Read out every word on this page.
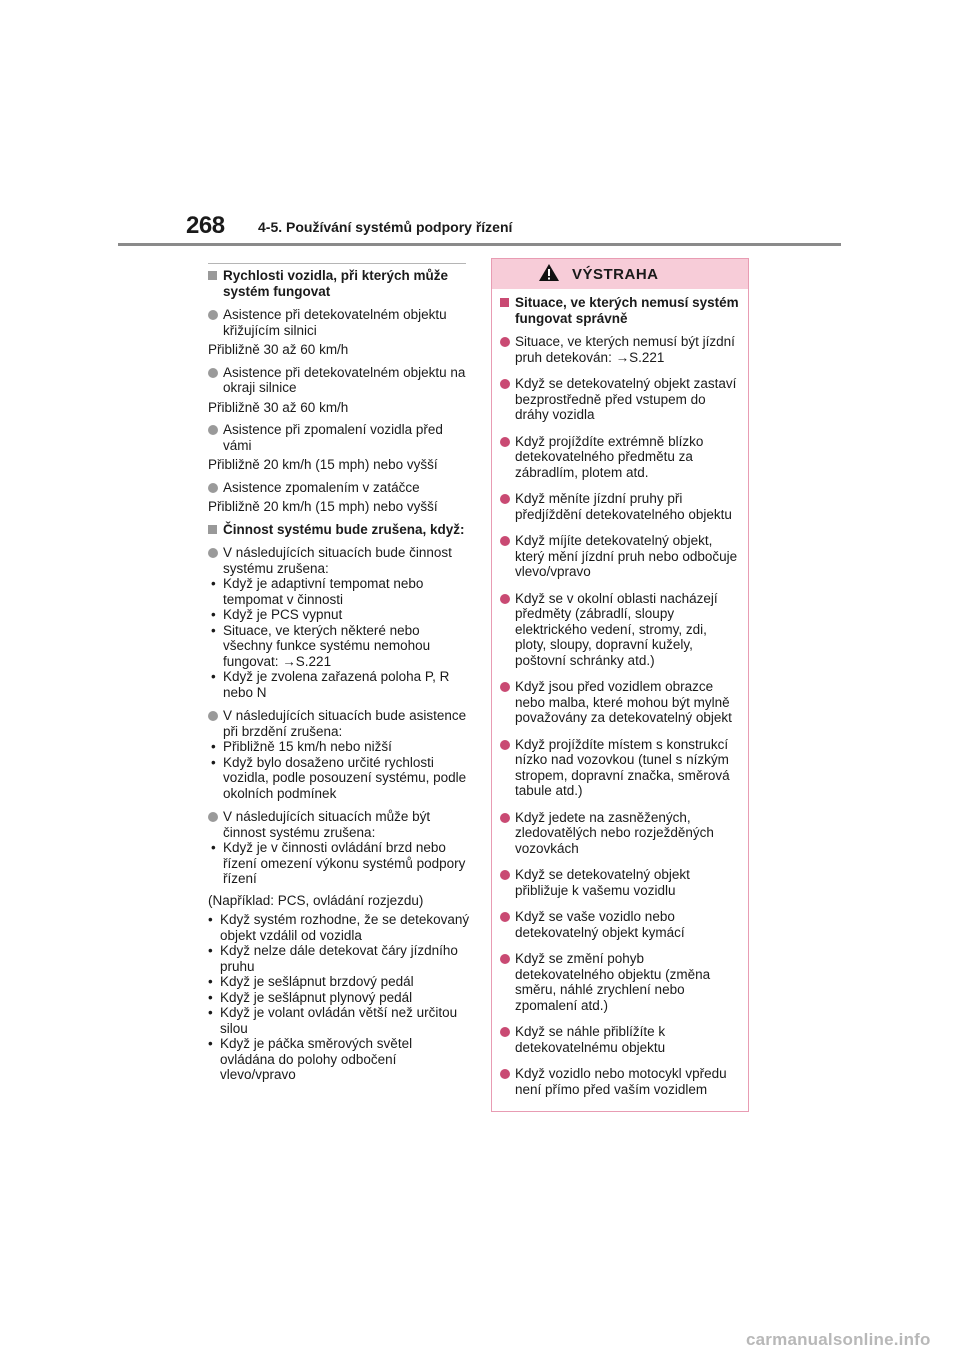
268 4-5. Používání systémů podpory řízení
Rychlosti vozidla, při kterých může systém fungovat
Asistence při detekovatelném objektu křižujícím silnici
Přibližně 30 až 60 km/h
Asistence při detekovatelném objektu na okraji silnice
Přibližně 30 až 60 km/h
Asistence při zpomalení vozidla před vámi
Přibližně 20 km/h (15 mph) nebo vyšší
Asistence zpomalením v zatáčce
Přibližně 20 km/h (15 mph) nebo vyšší
Činnost systému bude zrušena, když:
V následujících situacích bude činnost systému zrušena:
• Když je adaptivní tempomat nebo tempomat v činnosti
• Když je PCS vypnut
• Situace, ve kterých některé nebo všechny funkce systému nemohou fungovat: →S.221
• Když je zvolena zařazená poloha P, R nebo N
V následujících situacích bude asistence při brzdění zrušena:
• Přibližně 15 km/h nebo nižší
• Když bylo dosaženo určité rychlosti vozidla, podle posouzení systému, podle okolních podmínek
V následujících situacích může být činnost systému zrušena:
• Když je v činnosti ovládání brzd nebo řízení omezení výkonu systémů podpory řízení
(Například: PCS, ovládání rozjezdu)
• Když systém rozhodne, že se detekovaný objekt vzdálil od vozidla
• Když nelze dále detekovat čáry jízdního pruhu
• Když je sešlápnut brzdový pedál
• Když je sešlápnut plynový pedál
• Když je volant ovládán větší než určitou silou
• Když je páčka směrových světel ovládána do polohy odbočení vlevo/vpravo
VÝSTRAHA
Situace, ve kterých nemusí systém fungovat správně
Situace, ve kterých nemusí být jízdní pruh detekován: →S.221
Když se detekovatelný objekt zastaví bezprostředně před vstupem do dráhy vozidla
Když projíždíte extrémně blízko detekovatelného předmětu za zábradlím, plotem atd.
Když měníte jízdní pruhy při předjíždění detekovatelného objektu
Když míjíte detekovatelný objekt, který mění jízdní pruh nebo odbočuje vlevo/vpravo
Když se v okolní oblasti nacházejí předměty (zábradlí, sloupy elektrického vedení, stromy, zdi, ploty, sloupy, dopravní kužely, poštovní schránky atd.)
Když jsou před vozidlem obrazce nebo malba, které mohou být mylně považovány za detekovatelný objekt
Když projíždíte místem s konstrukcí nízko nad vozovkou (tunel s nízkým stropem, dopravní značka, směrová tabule atd.)
Když jedete na zasněžených, zledovatělých nebo rozježděných vozovkách
Když se detekovatelný objekt přibližuje k vašemu vozidlu
Když se vaše vozidlo nebo detekovatelný objekt kymácí
Když se změní pohyb detekovatelného objektu (změna směru, náhlé zrychlení nebo zpomalení atd.)
Když se náhle přiblížíte k detekovatelnému objektu
Když vozidlo nebo motocykl vpředu není přímo před vaším vozidlem
carmanualsonline.info
